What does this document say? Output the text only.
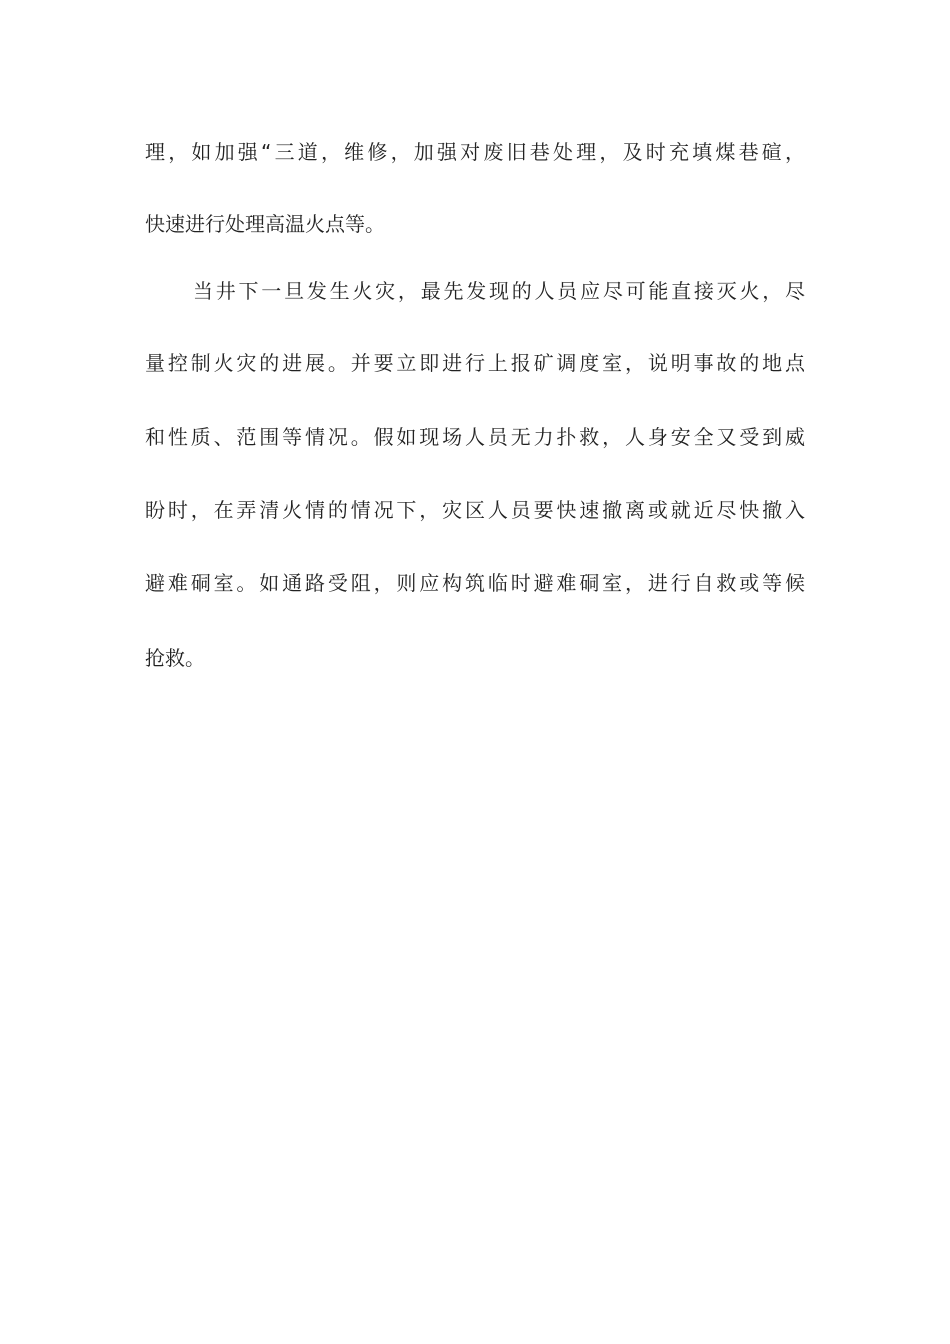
理，如加强“三道，维修，加强对废旧巷处理，及时充填煤巷碹，
快速进行处理高温火点等。
当井下一旦发生火灾，最先发现的人员应尽可能直接灭火，尽
量控制火灾的进展。并要立即进行上报矿调度室，说明事故的地点
和性质、范围等情况。假如现场人员无力扑救，人身安全又受到威
盼时，在弄清火情的情况下，灾区人员要快速撤离或就近尽快撤入
避难硐室。如通路受阻，则应构筑临时避难硐室，进行自救或等候
抢救。
